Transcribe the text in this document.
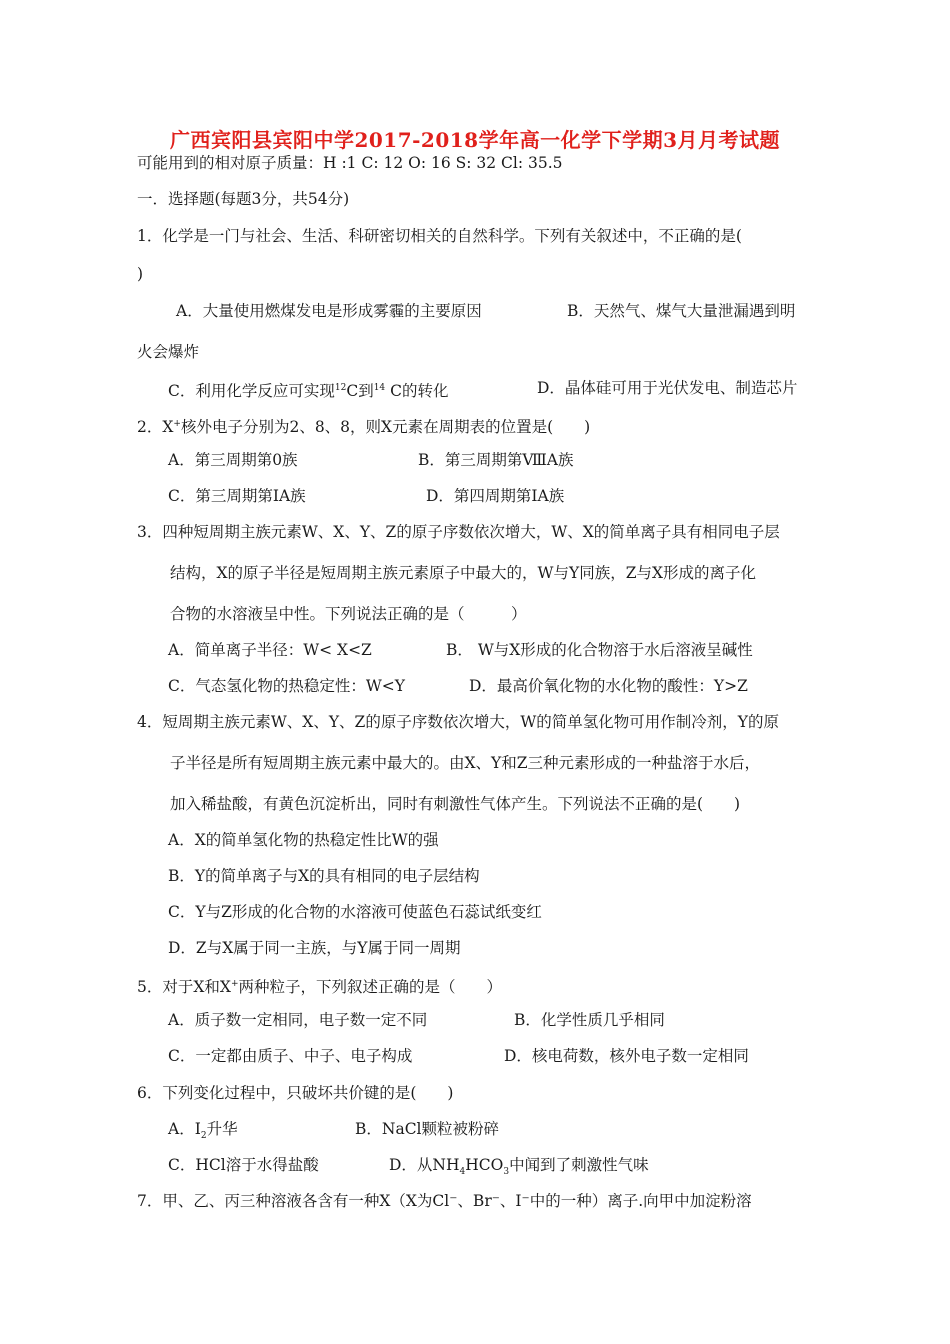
广西宾阳县宾阳中学2017-2018学年高一化学下学期3月月考试题
可能用到的相对原子质量：H :1 C: 12 O: 16 S: 32 Cl: 35.5
一．选择题(每题3分，共54分)
1．化学是一门与社会、生活、科研密切相关的自然科学。下列有关叙述中，不正确的是(
)
A．大量使用燃煤发电是形成雾霾的主要原因	B．天然气、煤气大量泄漏遇到明
火会爆炸
C．利用化学反应可实现$^{12}$C到$^{14}$ C的转化	D．晶体硅可用于光伏发电、制造芯片
2．X+核外电子分别为2、8、8，则X元素在周期表的位置是(　　)
A．第三周期第0族	B．第三周期第ⅧA族
C．第三周期第ⅠA族	D．第四周期第ⅠA族
3．四种短周期主族元素W、X、Y、Z的原子序数依次增大，W、X的简单离子具有相同电子层
结构，X的原子半径是短周期主族元素原子中最大的，W与Y同族，Z与X形成的离子化
合物的水溶液呈中性。下列说法正确的是（　　　）
A．简单离子半径：W< X<Z	B． W与X形成的化合物溶于水后溶液呈碱性
C．气态氢化物的热稳定性：W<Y	D．最高价氧化物的水化物的酸性：Y>Z
4．短周期主族元素W、X、Y、Z的原子序数依次增大，W的简单氢化物可用作制冷剂，Y的原
子半径是所有短周期主族元素中最大的。由X、Y和Z三种元素形成的一种盐溶于水后，
加入稀盐酸，有黄色沉淀析出，同时有刺激性气体产生。下列说法不正确的是(　　)
A．X的简单氢化物的热稳定性比W的强
B．Y的简单离子与X的具有相同的电子层结构
C．Y与Z形成的化合物的水溶液可使蓝色石蕊试纸变红
D．Z与X属于同一主族，与Y属于同一周期
5．对于X和X+两种粒子，下列叙述正确的是（　　）
A．质子数一定相同，电子数一定不同	B．化学性质几乎相同
C．一定都由质子、中子、电子构成	D．核电荷数，核外电子数一定相同
6．下列变化过程中，只破坏共价键的是(　　)
A．$I_2$升华	B．NaCl颗粒被粉碎
C．HCl溶于水得盐酸	D．从$NH_4HCO_3$中闻到了刺激性气味
7．甲、乙、丙三种溶液各含有一种X（X为Cl⁻、Br⁻、I⁻中的一种）离子.向甲中加淀粉溶
